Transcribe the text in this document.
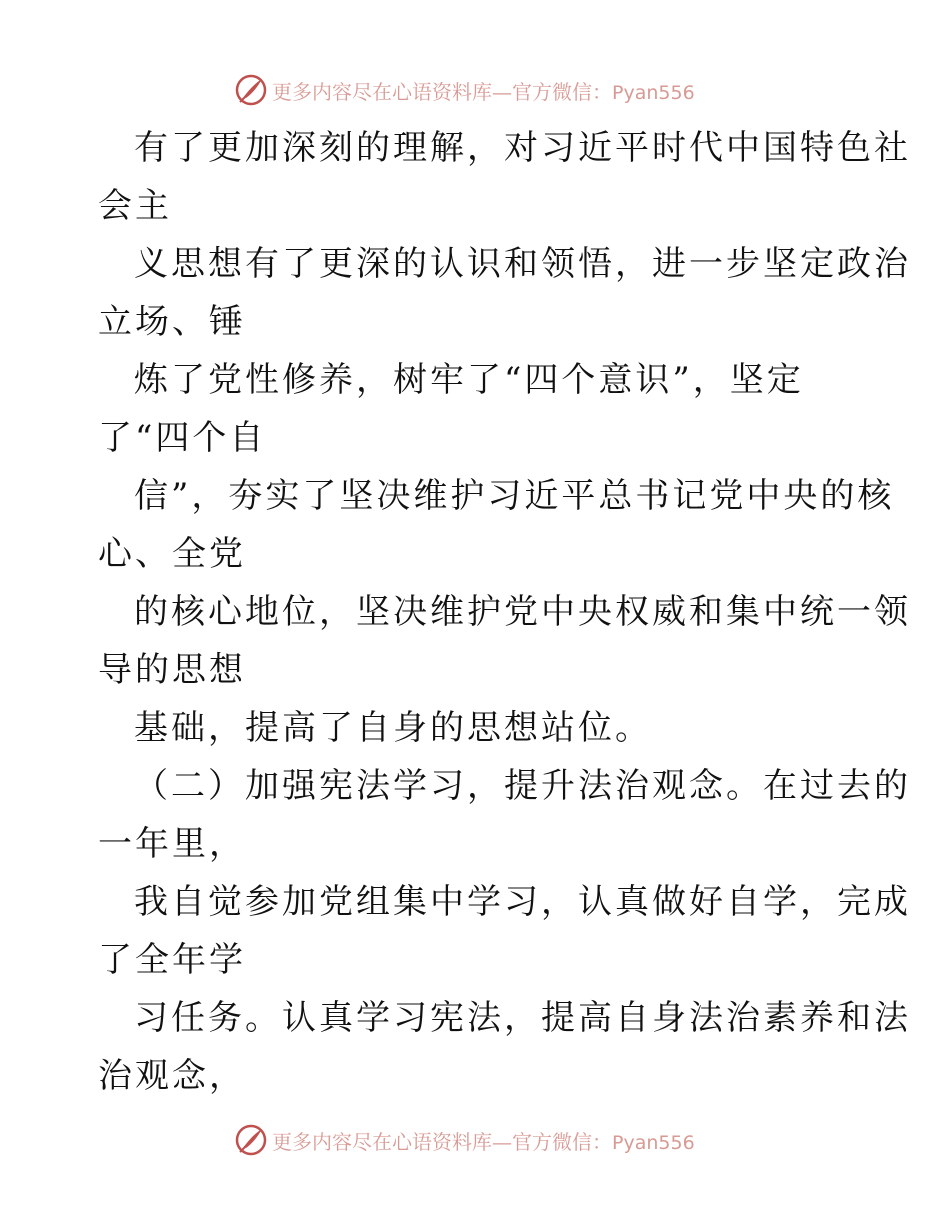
更多内容尽在心语资料库—官方微信：Pyan556
有了更加深刻的理解，对习近平时代中国特色社
会主
义思想有了更深的认识和领悟，进一步坚定政治
立场、锤
炼了党性修养，树牢了“四个意识”，坚定
了“四个自
信”，夯实了坚决维护习近平总书记党中央的核
心、全党
的核心地位，坚决维护党中央权威和集中统一领
导的思想
基础，提高了自身的思想站位。
（二）加强宪法学习，提升法治观念。在过去的
一年里，
我自觉参加党组集中学习，认真做好自学，完成
了全年学
习任务。认真学习宪法，提高自身法治素养和法
治观念，
更多内容尽在心语资料库—官方微信：Pyan556
